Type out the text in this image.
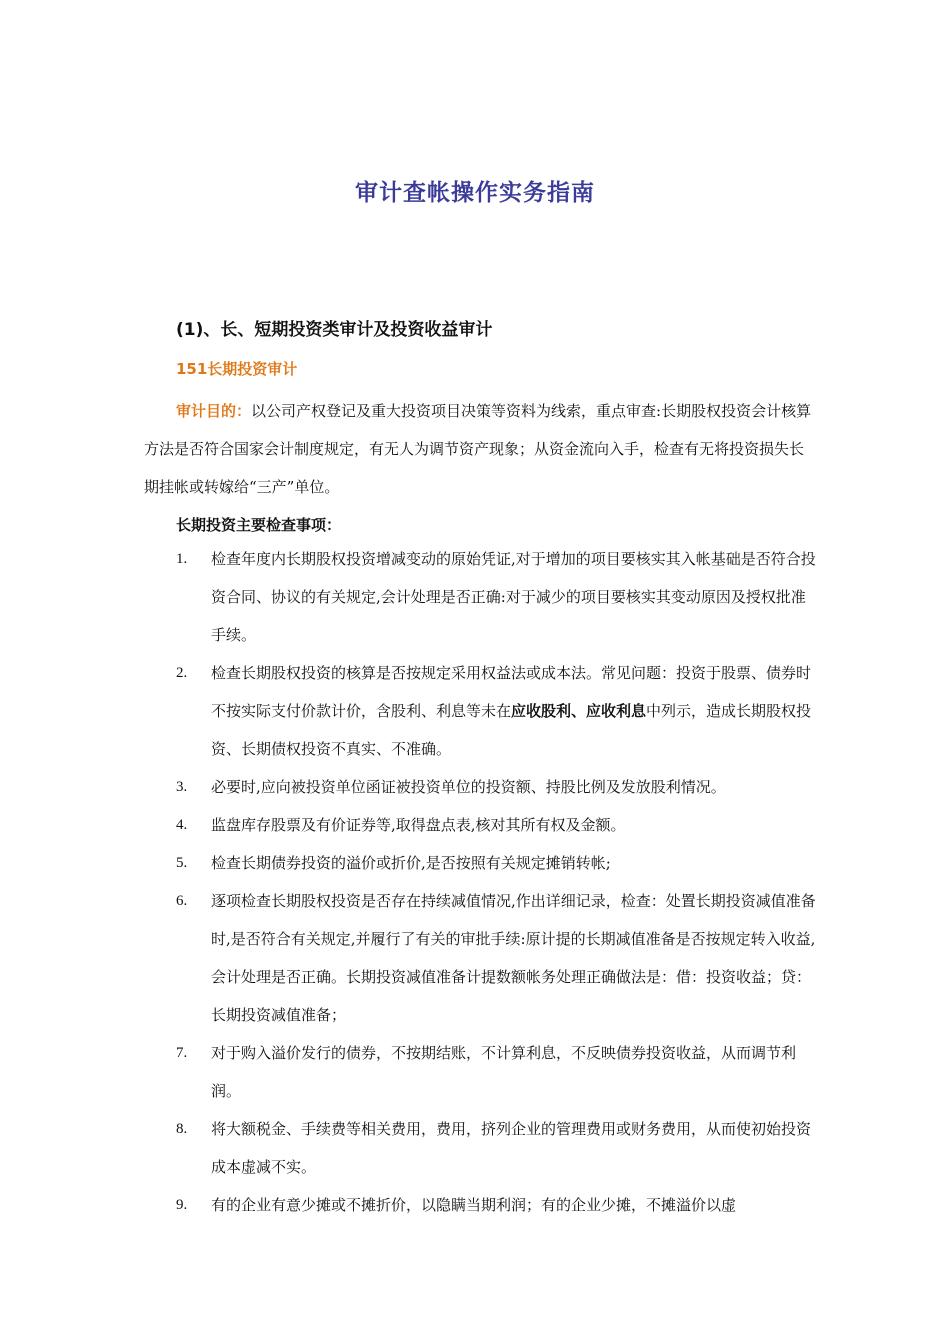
审计查帐操作实务指南
(1)、长、短期投资类审计及投资收益审计
151长期投资审计

审计目的：以公司产权登记及重大投资项目决策等资料为线索，重点审查:长期股权投资会计核算方法是否符合国家会计制度规定，有无人为调节资产现象；从资金流向入手，检查有无将投资损失长期挂帐或转嫁给“三产”单位。

长期投资主要检查事项：
1. 检查年度内长期股权投资增减变动的原始凭证,对于增加的项目要核实其入帐基础是否符合投资合同、协议的有关规定,会计处理是否正确:对于减少的项目要核实其变动原因及授权批准手续。
2. 检查长期股权投资的核算是否按规定采用权益法或成本法。常见问题：投资于股票、债券时不按实际支付价款计价，含股利、利息等未在应收股利、应收利息中列示，造成长期股权投资、长期债权投资不真实、不准确。
3. 必要时,应向被投资单位函证被投资单位的投资额、持股比例及发放股利情况。
4. 监盘库存股票及有价证券等,取得盘点表,核对其所有权及金额。
5. 检查长期债券投资的溢价或折价,是否按照有关规定摊销转帐;
6. 逐项检查长期股权投资是否存在持续减值情况,作出详细记录，检查：处置长期投资减值准备时,是否符合有关规定,并履行了有关的审批手续:原计提的长期减值准备是否按规定转入收益,会计处理是否正确。长期投资减值准备计提数额帐务处理正确做法是：借：投资收益；贷：长期投资减值准备；
7. 对于购入溢价发行的债券，不按期结账，不计算利息，不反映债券投资收益，从而调节利润。
8. 将大额税金、手续费等相关费用，费用，挤列企业的管理费用或财务费用，从而使初始投资成本虚减不实。
9. 有的企业有意少摊或不摊折价，以隐瞒当期利润；有的企业少摊，不摊溢价以虚
